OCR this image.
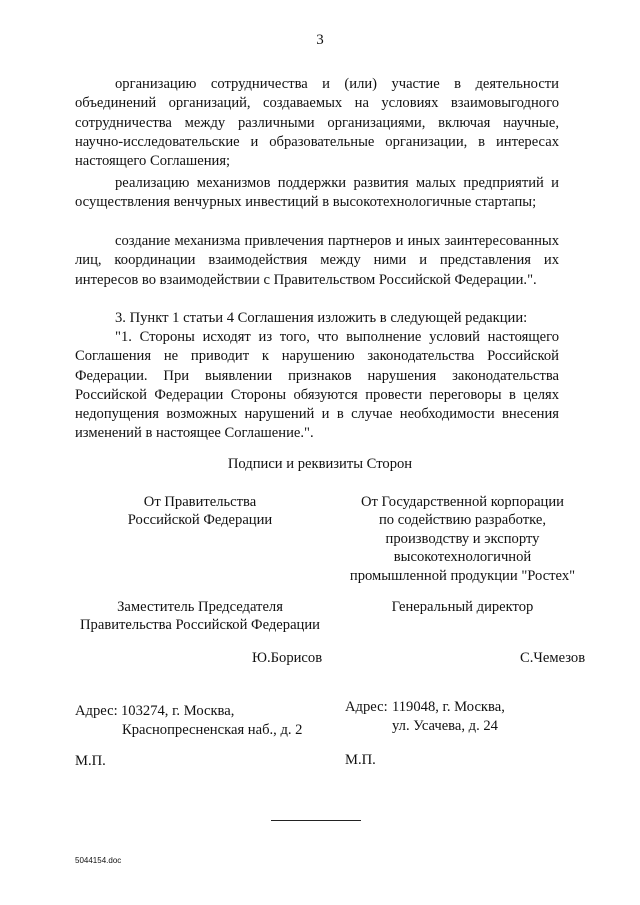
3
организацию сотрудничества и (или) участие в деятельности объединений организаций, создаваемых на условиях взаимовыгодного сотрудничества между различными организациями, включая научные, научно-исследовательские и образовательные организации, в интересах настоящего Соглашения;
реализацию механизмов поддержки развития малых предприятий и осуществления венчурных инвестиций в высокотехнологичные стартапы;
создание механизма привлечения партнеров и иных заинтересованных лиц, координации взаимодействия между ними и представления их интересов во взаимодействии с Правительством Российской Федерации.".
3. Пункт 1 статьи 4 Соглашения изложить в следующей редакции:
"1. Стороны исходят из того, что выполнение условий настоящего Соглашения не приводит к нарушению законодательства Российской Федерации. При выявлении признаков нарушения законодательства Российской Федерации Стороны обязуются провести переговоры в целях недопущения возможных нарушений и в случае необходимости внесения изменений в настоящее Соглашение.".
Подписи и реквизиты Сторон
От Правительства
Российской Федерации
Заместитель Председателя
Правительства Российской Федерации
Ю.Борисов
Адрес: 103274, г. Москва,
Краснопресненская наб., д. 2
М.П.
От Государственной корпорации
по содействию разработке,
производству и экспорту
высокотехнологичной
промышленной продукции "Ростех"
Генеральный директор
С.Чемезов
Адрес: 119048, г. Москва,
ул. Усачева, д. 24
М.П.
5044154.doc
